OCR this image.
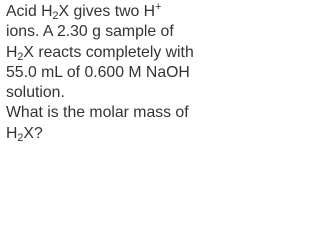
Acid $H_2X$ gives two H+
ions. A 2.30 g sample of
$H_2X$ reacts completely with
55.0 mL of 0.600 M NaOH
solution.
What is the molar mass of
$H_2X$?
